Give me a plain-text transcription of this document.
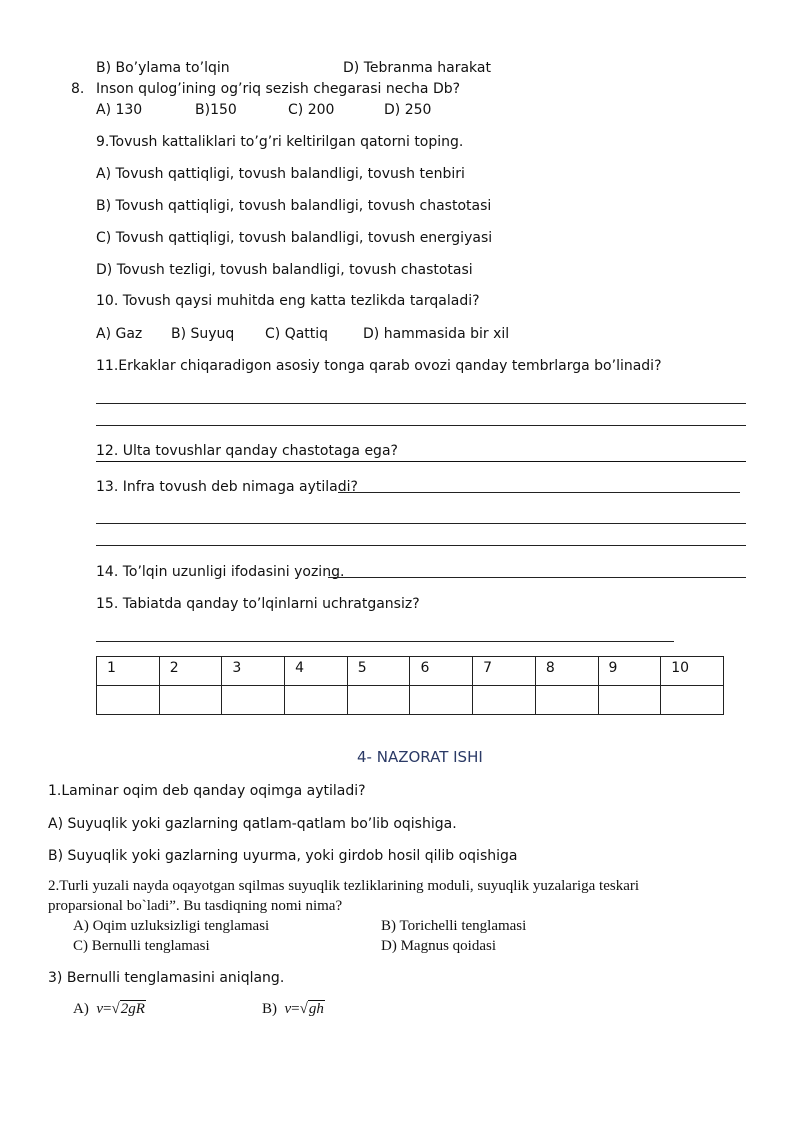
B) Bo’ylama to’lqin	D) Tebranma harakat
8. Inson qulog’ining og’riq sezish chegarasi necha Db?
A) 130	B)150	C) 200	D) 250
9.Tovush kattaliklari to’g’ri keltirilgan qatorni toping.
A) Tovush qattiqligi, tovush balandligi, tovush tenbiri
B) Tovush qattiqligi, tovush balandligi, tovush chastotasi
C) Tovush qattiqligi, tovush balandligi, tovush energiyasi
D) Tovush tezligi, tovush balandligi, tovush chastotasi
10. Tovush qaysi muhitda eng katta tezlikda tarqaladi?
A) Gaz B) Suyuq C) Qattiq D) hammasida bir xil
11.Erkaklar chiqaradigon asosiy tonga qarab ovozi qanday tembrlarga bo’linadi?
12. Ulta tovushlar qanday chastotaga ega?
13. Infra tovush deb nimaga aytiladi?
14. To’lqin uzunligi ifodasini yozing.
15. Tabiatda qanday to’lqinlarni uchratgansiz?
1	2	3	4	5	6	7	8	9	10

4- NAZORAT ISHI
1.Laminar oqim deb qanday oqimga aytiladi?
A) Suyuqlik yoki gazlarning qatlam-qatlam bo’lib oqishiga.
B) Suyuqlik yoki gazlarning uyurma, yoki girdob hosil qilib oqishiga
2.Turli yuzali nayda oqayotgan sqilmas suyuqlik tezliklarining moduli, suyuqlik yuzalariga teskari
proparsional bo`ladi”. Bu tasdiqning nomi nima?
A) Oqim uzluksizligi tenglamasi	B) Torichelli tenglamasi
C) Bernulli tenglamasi	D) Magnus qoidasi
3) Bernulli tenglamasini aniqlang.
A) v=√2gR	B) v=√gh
